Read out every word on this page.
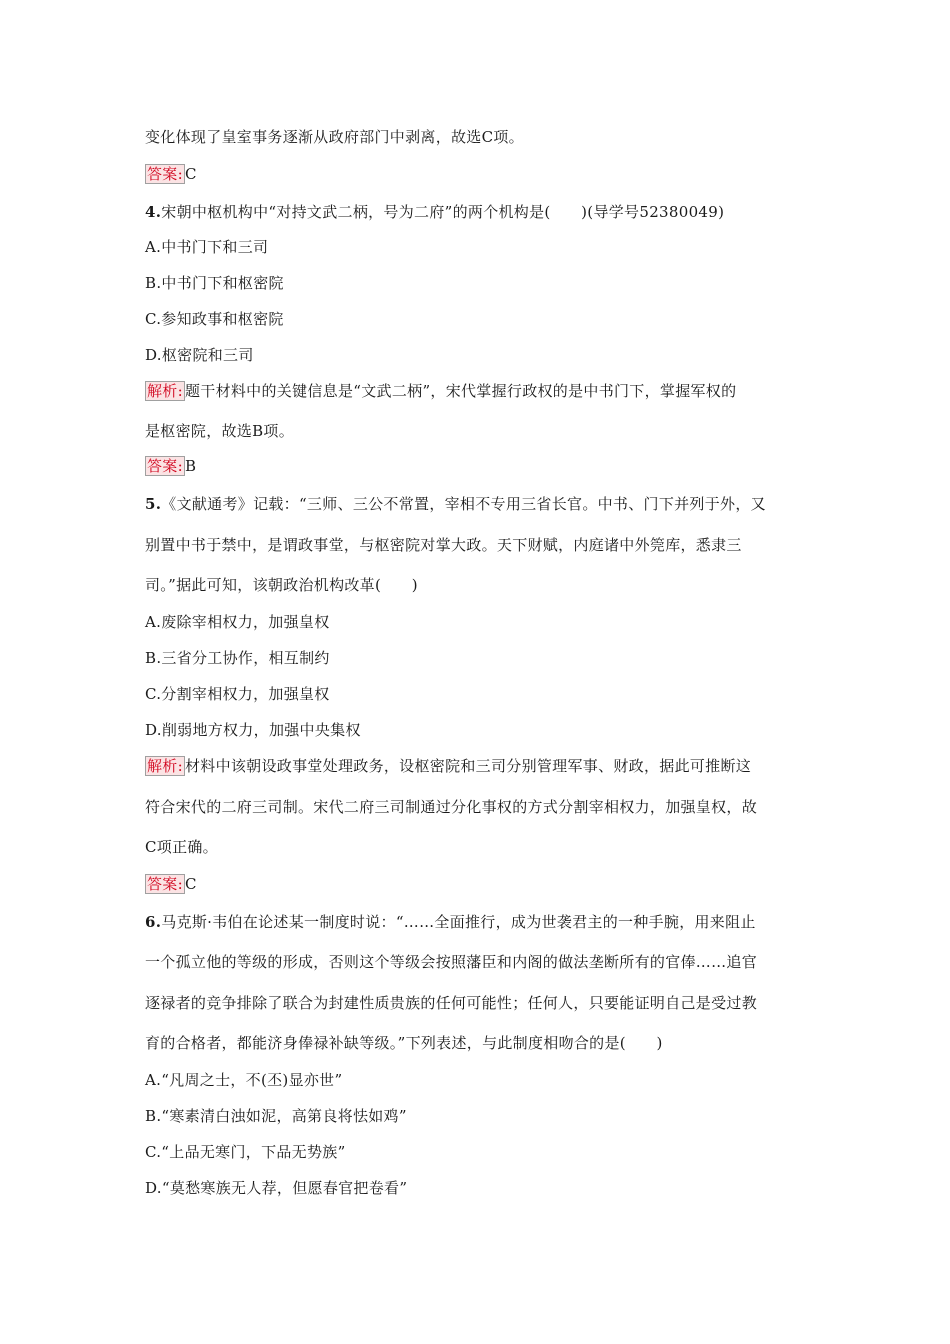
变化体现了皇室事务逐渐从政府部门中剥离，故选C项。
答案: C
4.宋朝中枢机构中“对持文武二柄，号为二府”的两个机构是(　　)(导学号52380049)
A.中书门下和三司
B.中书门下和枢密院
C.参知政事和枢密院
D.枢密院和三司
解析: 题干材料中的关键信息是“文武二柄”，宋代掌握行政权的是中书门下，掌握军权的
是枢密院，故选B项。
答案: B
5.《文献通考》记载：“三师、三公不常置，宰相不专用三省长官。中书、门下并列于外，又
别置中书于禁中，是谓政事堂，与枢密院对掌大政。天下财赋，内庭诸中外筦库，悉隶三
司。”据此可知，该朝政治机构改革(　　)
A.废除宰相权力，加强皇权
B.三省分工协作，相互制约
C.分割宰相权力，加强皇权
D.削弱地方权力，加强中央集权
解析: 材料中该朝设政事堂处理政务，设枢密院和三司分别管理军事、财政，据此可推断这
符合宋代的二府三司制。宋代二府三司制通过分化事权的方式分割宰相权力，加强皇权，故
C项正确。
答案: C
6.马克斯·韦伯在论述某一制度时说：“……全面推行，成为世袭君主的一种手腕，用来阻止
一个孤立他的等级的形成，否则这个等级会按照藩臣和内阁的做法垄断所有的官俸……追官
逐禄者的竞争排除了联合为封建性质贵族的任何可能性；任何人，只要能证明自己是受过教
育的合格者，都能济身俸禄补缺等级。”下列表述，与此制度相吻合的是(　　)
A.“凡周之士，不(丕)显亦世”
B.“寒素清白浊如泥，高第良将怯如鸡”
C.“上品无寒门，下品无势族”
D.“莫愁寒族无人荐，但愿春官把卷看”
